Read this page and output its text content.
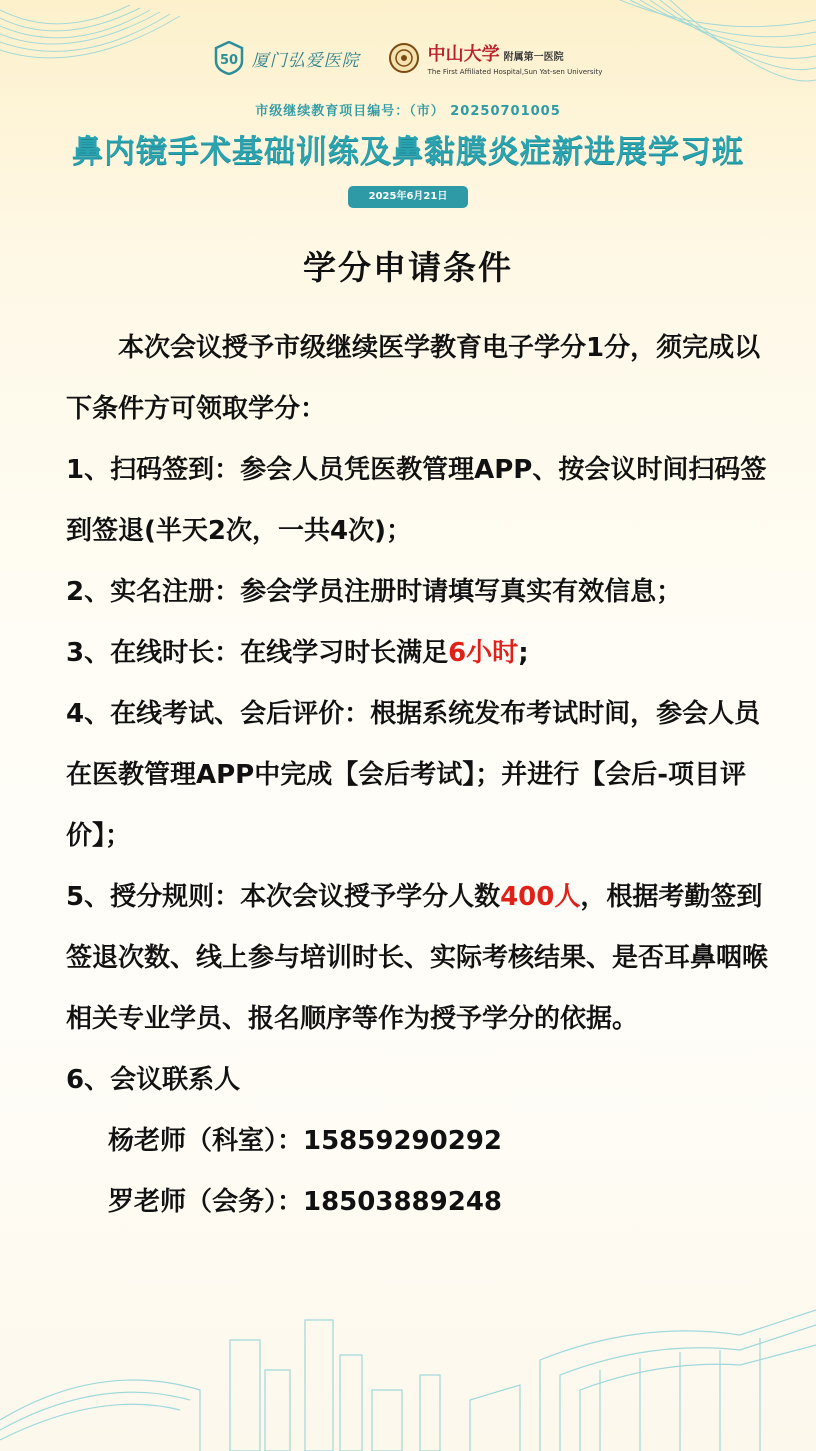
50 厦门弘爱医院	中山大学 附属第一医院
The First Affiliated Hospital,Sun Yat-sen University
市级继续教育项目编号：（市） 20250701005
鼻内镜手术基础训练及鼻黏膜炎症新进展学习班
2025年6月21日
学分申请条件

本次会议授予市级继续医学教育电子学分1分，须完成以下条件方可领取学分：

1、扫码签到：参会人员凭医教管理APP、按会议时间扫码签到签退(半天2次，一共4次)；

2、实名注册：参会学员注册时请填写真实有效信息；

3、在线时长：在线学习时长满足6小时;

4、在线考试、会后评价：根据系统发布考试时间，参会人员在医教管理APP中完成【会后考试】；并进行【会后-项目评价】；

5、授分规则：本次会议授予学分人数400人，根据考勤签到签退次数、线上参与培训时长、实际考核结果、是否耳鼻咽喉相关专业学员、报名顺序等作为授予学分的依据。

6、会议联系人

杨老师（科室）：15859290292

罗老师（会务）：18503889248
